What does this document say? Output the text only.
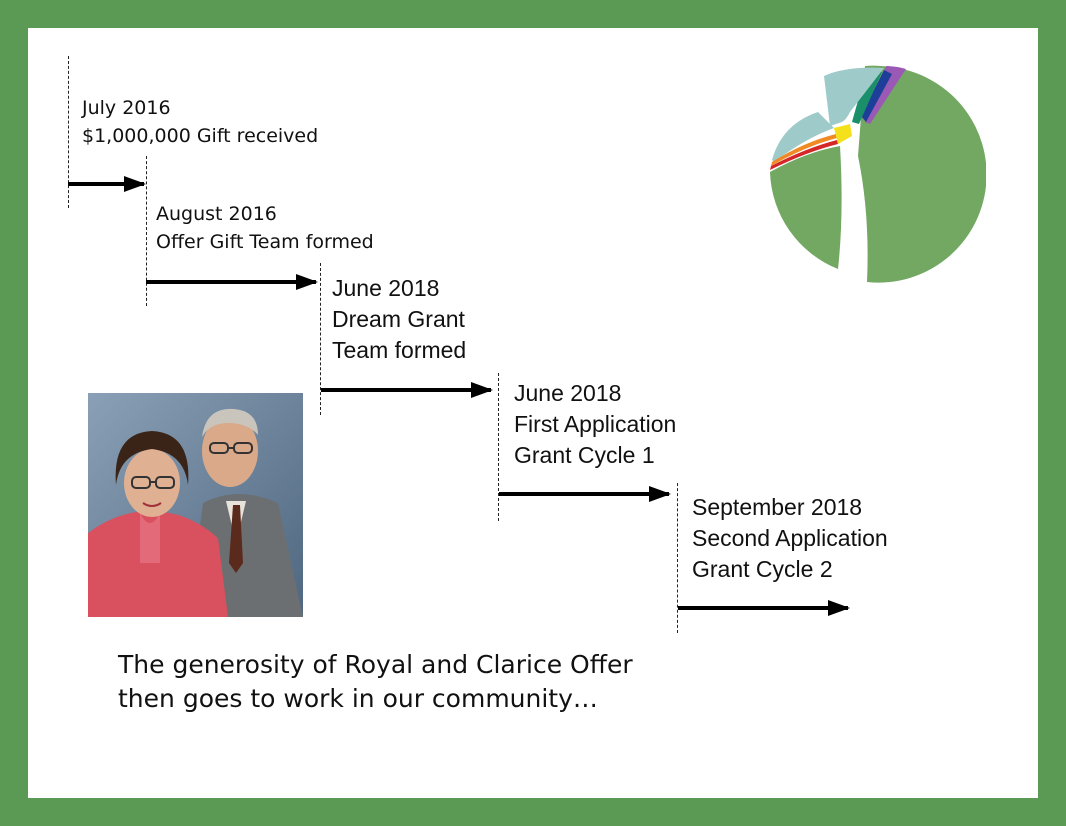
July 2016
$1,000,000 Gift received
August 2016
Offer Gift Team formed
June 2018
Dream Grant
Team formed
June 2018
First Application
Grant Cycle 1
September 2018
Second Application
Grant Cycle 2
The generosity of Royal and Clarice Offer
then goes to work in our community…
